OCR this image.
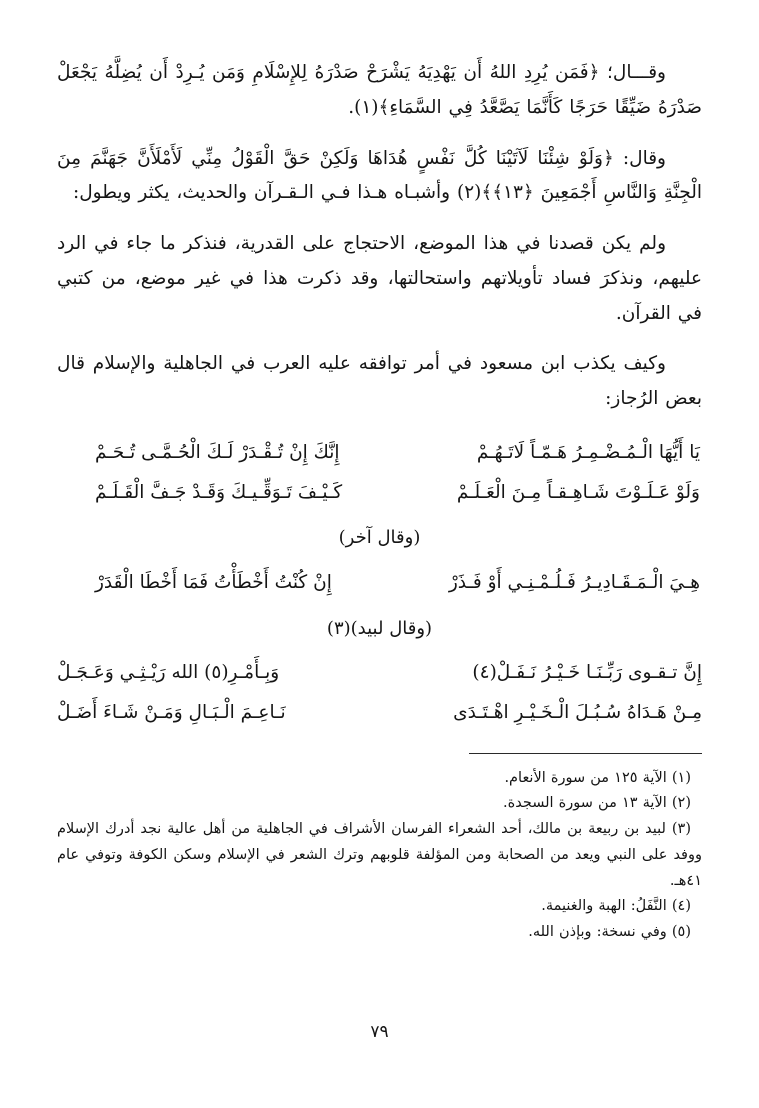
وقـــال؛ ﴿فَمَن يُرِدِ اللهُ أَن يَهْدِيَهُ يَشْرَحْ صَدْرَهُ لِلإِسْلَامِ وَمَن يُـرِدْ أَن يُضِلَّهُ يَجْعَلْ صَدْرَهُ ضَيِّقًا حَرَجًا كَأَنَّمَا يَصَّعَّدُ فِي السَّمَاءِ﴾(١).
وقال: ﴿وَلَوْ شِئْنَا لَآتَيْنَا كُلَّ نَفْسٍ هُدَاهَا وَلَكِنْ حَقَّ الْقَوْلُ مِنِّي لَأَمْلَأَنَّ جَهَنَّمَ مِنَ الْجِنَّةِ وَالنَّاسِ أَجْمَعِينَ ﴿١٣﴾﴾(٢) وأشبـاه هـذا فـي الـقـرآن والحديث، يكثر ويطول:
ولم يكن قصدنا في هذا الموضع، الاحتجاج على القدرية، فنذكر ما جاء في الرد عليهم، ونذكرَ فساد تأويلاتهم واستحالتها، وقد ذكرت هذا في غير موضع، من كتبي في القرآن.
وكيف يكذب ابن مسعود في أمر توافقه عليه العرب في الجاهلية والإسلام قال بعض الرُجاز:
يَا أَيُّهَا الْـمُـضْـمِـرُ هَـمّـاً لَاتَـهُـمْ
إِنَّكَ إِنْ تُـقْـدَرْ لَـكَ الْحُـمَّـى تُـحَـمْ
وَلَوْ عَـلَـوْتَ شَـاهِـقـاً مِـنَ الْعَـلَـمْ
كَـيْـفَ تَـوَقِّـيـكَ وَقَـدْ جَـفَّ الْقَـلَـمْ
(وقال آخر)
هِـيَ الْـمَـقَـادِيـرُ فَـلُـمْـنِـي أَوْ فَـذَرْ
إِنْ كُنْتُ أَخْطَأْتُ فَمَا أَخْطَا الْقَدَرْ
(وقال لبيد)(٣)
إِنَّ تـقـوى رَبِّـنَـا خَـيْـرُ نَـفَـلْ(٤)
وَبِـأَمْـرِ(٥) الله رَيْـثِـي وَعَـجَـلْ
مِـنْ هَـدَاهُ سُـبُـلَ الْـخَـيْـرِ اهْـتَـدَى
نَـاعِـمَ الْـبَـالِ وَمَـنْ شَـاءَ أَضَـلْ
(١) الآية ١٢٥ من سورة الأنعام.
(٢) الآية ١٣ من سورة السجدة.
(٣) لبيد بن ربيعة بن مالك، أحد الشعراء الفرسان الأشراف في الجاهلية من أهل عالية نجد أدرك الإسلام ووفد على النبي ويعد من الصحابة ومن المؤلفة قلوبهم وترك الشعر في الإسلام وسكن الكوفة وتوفي عام ٤١هـ.
(٤) النَّفَلُ: الهبة والغنيمة.
(٥) وفي نسخة: وبإذن الله.
٧٩
